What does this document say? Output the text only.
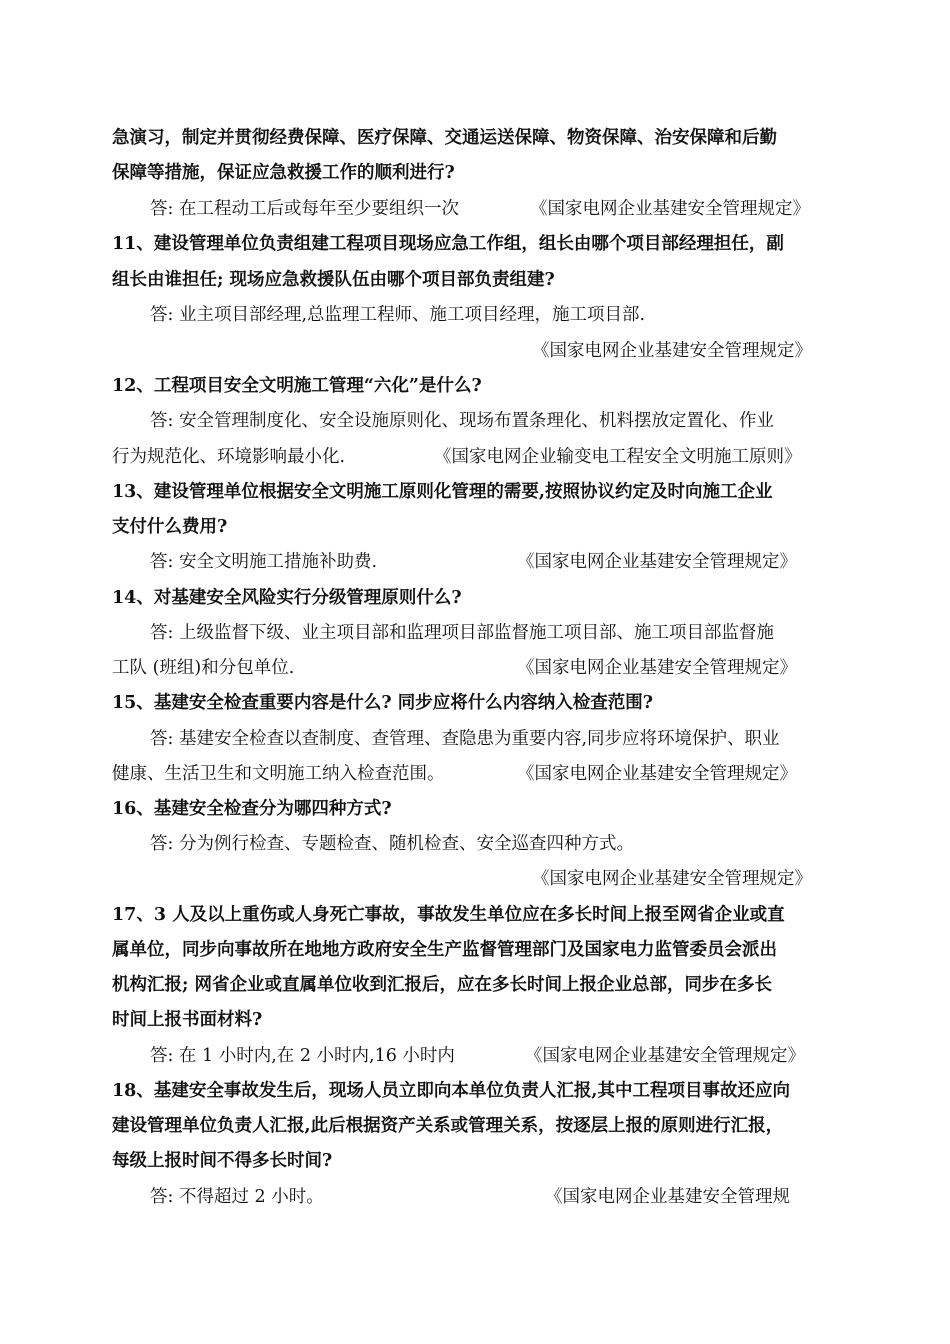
急演习，制定并贯彻经费保障、医疗保障、交通运送保障、物资保障、治安保障和后勤
保障等措施，保证应急救援工作的顺利进行?
答: 在工程动工后或每年至少要组织一次	《国家电网企业基建安全管理规定》
11、建设管理单位负责组建工程项目现场应急工作组，组长由哪个项目部经理担任，副
组长由谁担任; 现场应急救援队伍由哪个项目部负责组建?
答: 业主项目部经理,总监理工程师、施工项目经理，施工项目部.
《国家电网企业基建安全管理规定》
12、工程项目安全文明施工管理“六化”是什么?
答: 安全管理制度化、安全设施原则化、现场布置条理化、机料摆放定置化、作业
行为规范化、环境影响最小化.	《国家电网企业输变电工程安全文明施工原则》
13、建设管理单位根据安全文明施工原则化管理的需要,按照协议约定及时向施工企业
支付什么费用?
答: 安全文明施工措施补助费.	《国家电网企业基建安全管理规定》
14、对基建安全风险实行分级管理原则什么?
答: 上级监督下级、业主项目部和监理项目部监督施工项目部、施工项目部监督施
工队 (班组)和分包单位.	《国家电网企业基建安全管理规定》
15、基建安全检查重要内容是什么? 同步应将什么内容纳入检查范围?
答: 基建安全检查以查制度、查管理、查隐患为重要内容,同步应将环境保护、职业
健康、生活卫生和文明施工纳入检查范围。	《国家电网企业基建安全管理规定》
16、基建安全检查分为哪四种方式?
答: 分为例行检查、专题检查、随机检查、安全巡查四种方式。
《国家电网企业基建安全管理规定》
17、3 人及以上重伤或人身死亡事故，事故发生单位应在多长时间上报至网省企业或直
属单位，同步向事故所在地地方政府安全生产监督管理部门及国家电力监管委员会派出
机构汇报; 网省企业或直属单位收到汇报后，应在多长时间上报企业总部，同步在多长
时间上报书面材料?
答: 在 1 小时内,在 2 小时内,16 小时内	《国家电网企业基建安全管理规定》
18、基建安全事故发生后，现场人员立即向本单位负责人汇报,其中工程项目事故还应向
建设管理单位负责人汇报,此后根据资产关系或管理关系，按逐层上报的原则进行汇报，
每级上报时间不得多长时间?
答: 不得超过 2 小时。	《国家电网企业基建安全管理规
